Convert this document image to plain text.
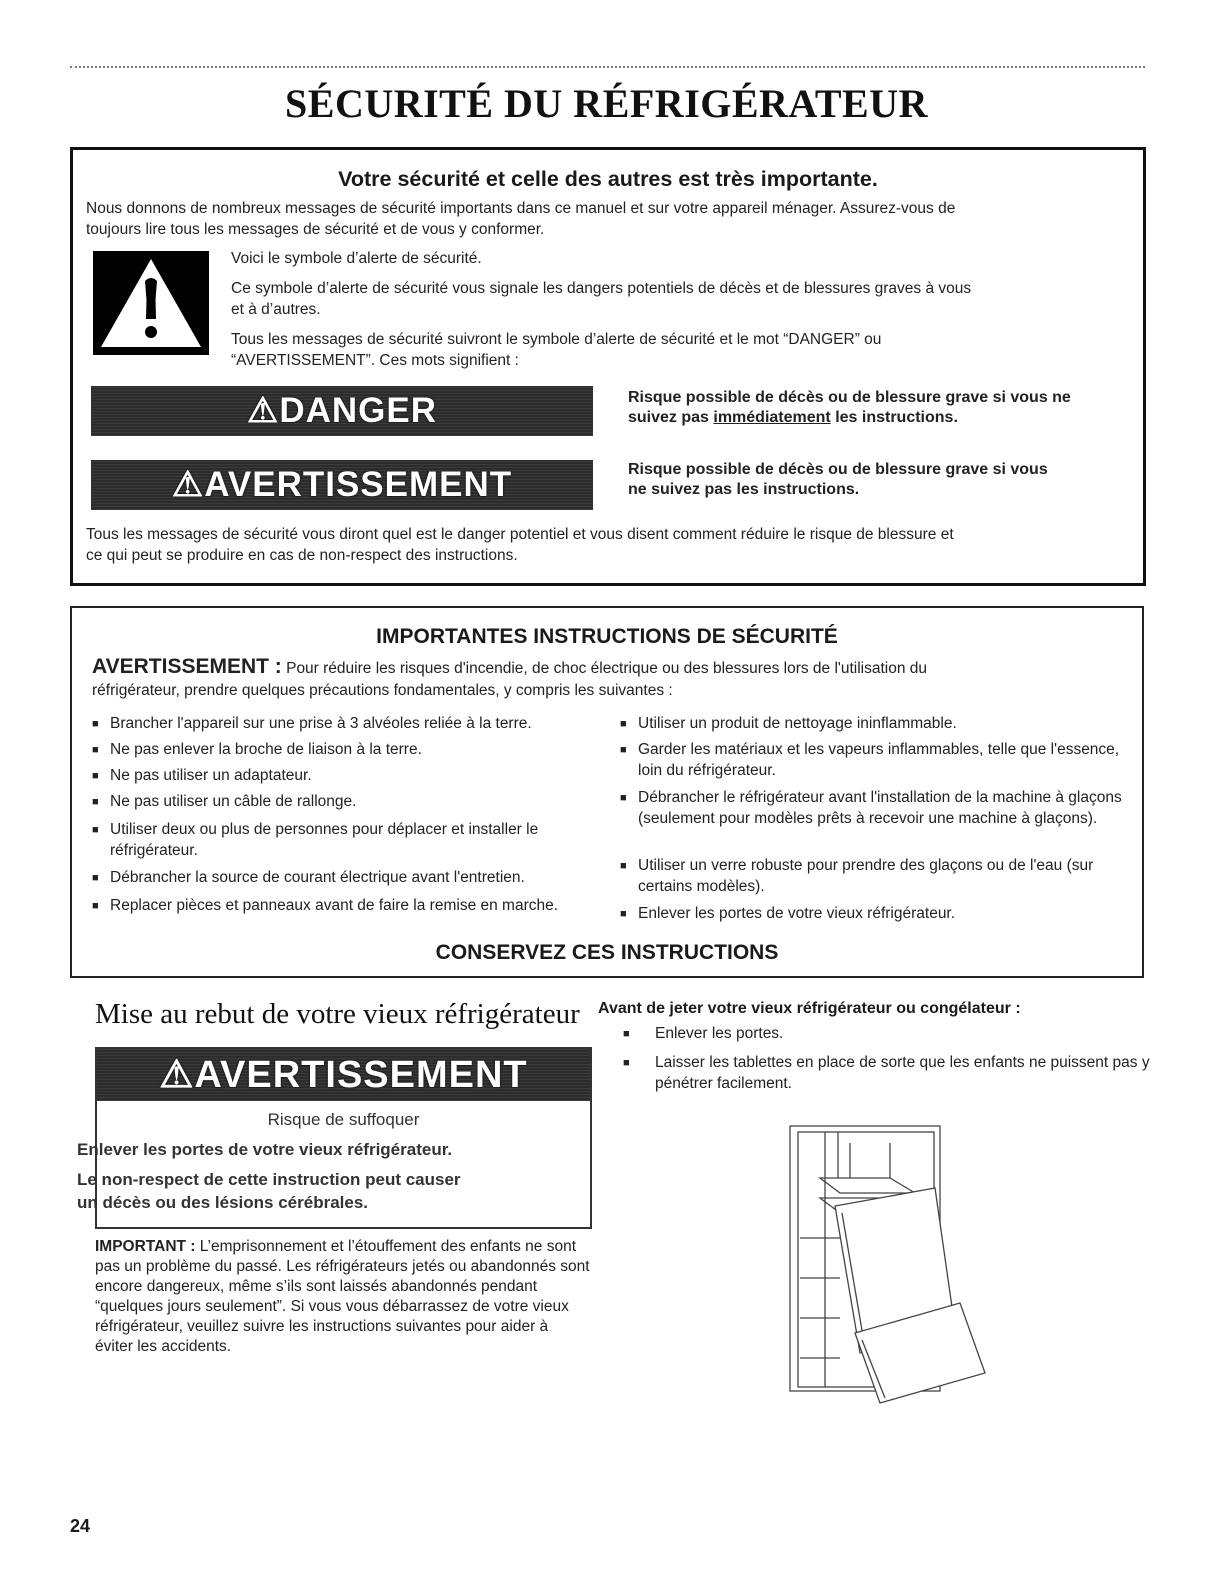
SÉCURITÉ DU RÉFRIGÉRATEUR
Votre sécurité et celle des autres est très importante.
Nous donnons de nombreux messages de sécurité importants dans ce manuel et sur votre appareil ménager. Assurez-vous de
toujours lire tous les messages de sécurité et de vous y conformer.
Voici le symbole d’alerte de sécurité.
Ce symbole d’alerte de sécurité vous signale les dangers potentiels de décès et de blessures graves à vous
et à d’autres.
Tous les messages de sécurité suivront le symbole d’alerte de sécurité et le mot “DANGER” ou
“AVERTISSEMENT”. Ces mots signifient :
⚠DANGER	Risque possible de décès ou de blessure grave si vous ne
suivez pas immédiatement les instructions.
⚠AVERTISSEMENT	Risque possible de décès ou de blessure grave si vous
ne suivez pas les instructions.
Tous les messages de sécurité vous diront quel est le danger potentiel et vous disent comment réduire le risque de blessure et
ce qui peut se produire en cas de non-respect des instructions.
IMPORTANTES INSTRUCTIONS DE SÉCURITÉ
AVERTISSEMENT : Pour réduire les risques d'incendie, de choc électrique ou des blessures lors de l'utilisation du
réfrigérateur, prendre quelques précautions fondamentales, y compris les suivantes :
■ Brancher l'appareil sur une prise à 3 alvéoles reliée à la terre.
■ Ne pas enlever la broche de liaison à la terre.
■ Ne pas utiliser un adaptateur.
■ Ne pas utiliser un câble de rallonge.
■ Utiliser deux ou plus de personnes pour déplacer et installer le réfrigérateur.
■ Débrancher la source de courant électrique avant l'entretien.
■ Replacer pièces et panneaux avant de faire la remise en marche.
■ Utiliser un produit de nettoyage ininflammable.
■ Garder les matériaux et les vapeurs inflammables, telle que l'essence, loin du réfrigérateur.
■ Débrancher le réfrigérateur avant l'installation de la machine à glaçons (seulement pour modèles prêts à recevoir une machine à glaçons).
■ Utiliser un verre robuste pour prendre des glaçons ou de l'eau (sur certains modèles).
■ Enlever les portes de votre vieux réfrigérateur.
CONSERVEZ CES INSTRUCTIONS
Mise au rebut de votre vieux réfrigérateur
⚠AVERTISSEMENT
Risque de suffoquer
Enlever les portes de votre vieux réfrigérateur.
Le non-respect de cette instruction peut causer
un décès ou des lésions cérébrales.
IMPORTANT : L’emprisonnement et l’étouffement des enfants ne sont pas un problème du passé. Les réfrigérateurs jetés ou abandonnés sont encore dangereux, même s’ils sont laissés abandonnés pendant “quelques jours seulement”. Si vous vous débarrassez de votre vieux réfrigérateur, veuillez suivre les instructions suivantes pour aider à éviter les accidents.
Avant de jeter votre vieux réfrigérateur ou congélateur :
■ Enlever les portes.
■ Laisser les tablettes en place de sorte que les enfants ne puissent pas y pénétrer facilement.
24
